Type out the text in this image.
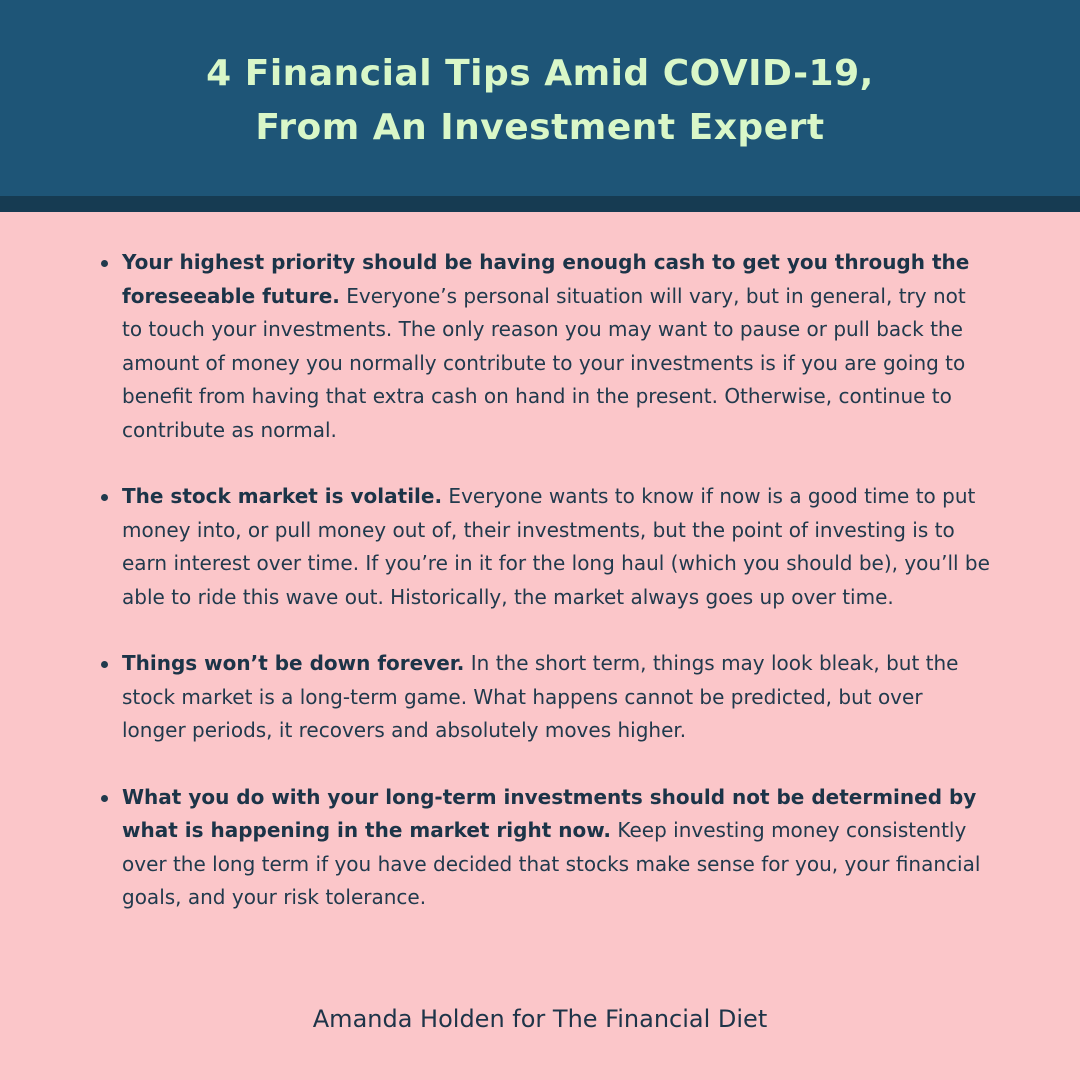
4 Financial Tips Amid COVID-19,
From An Investment Expert
Your highest priority should be having enough cash to get you through the foreseeable future. Everyone’s personal situation will vary, but in general, try not to touch your investments. The only reason you may want to pause or pull back the amount of money you normally contribute to your investments is if you are going to benefit from having that extra cash on hand in the present. Otherwise, continue to contribute as normal.
The stock market is volatile. Everyone wants to know if now is a good time to put money into, or pull money out of, their investments, but the point of investing is to earn interest over time. If you’re in it for the long haul (which you should be), you’ll be able to ride this wave out. Historically, the market always goes up over time.
Things won’t be down forever. In the short term, things may look bleak, but the stock market is a long-term game. What happens cannot be predicted, but over longer periods, it recovers and absolutely moves higher.
What you do with your long-term investments should not be determined by what is happening in the market right now. Keep investing money consistently over the long term if you have decided that stocks make sense for you, your financial goals, and your risk tolerance.
Amanda Holden for The Financial Diet
